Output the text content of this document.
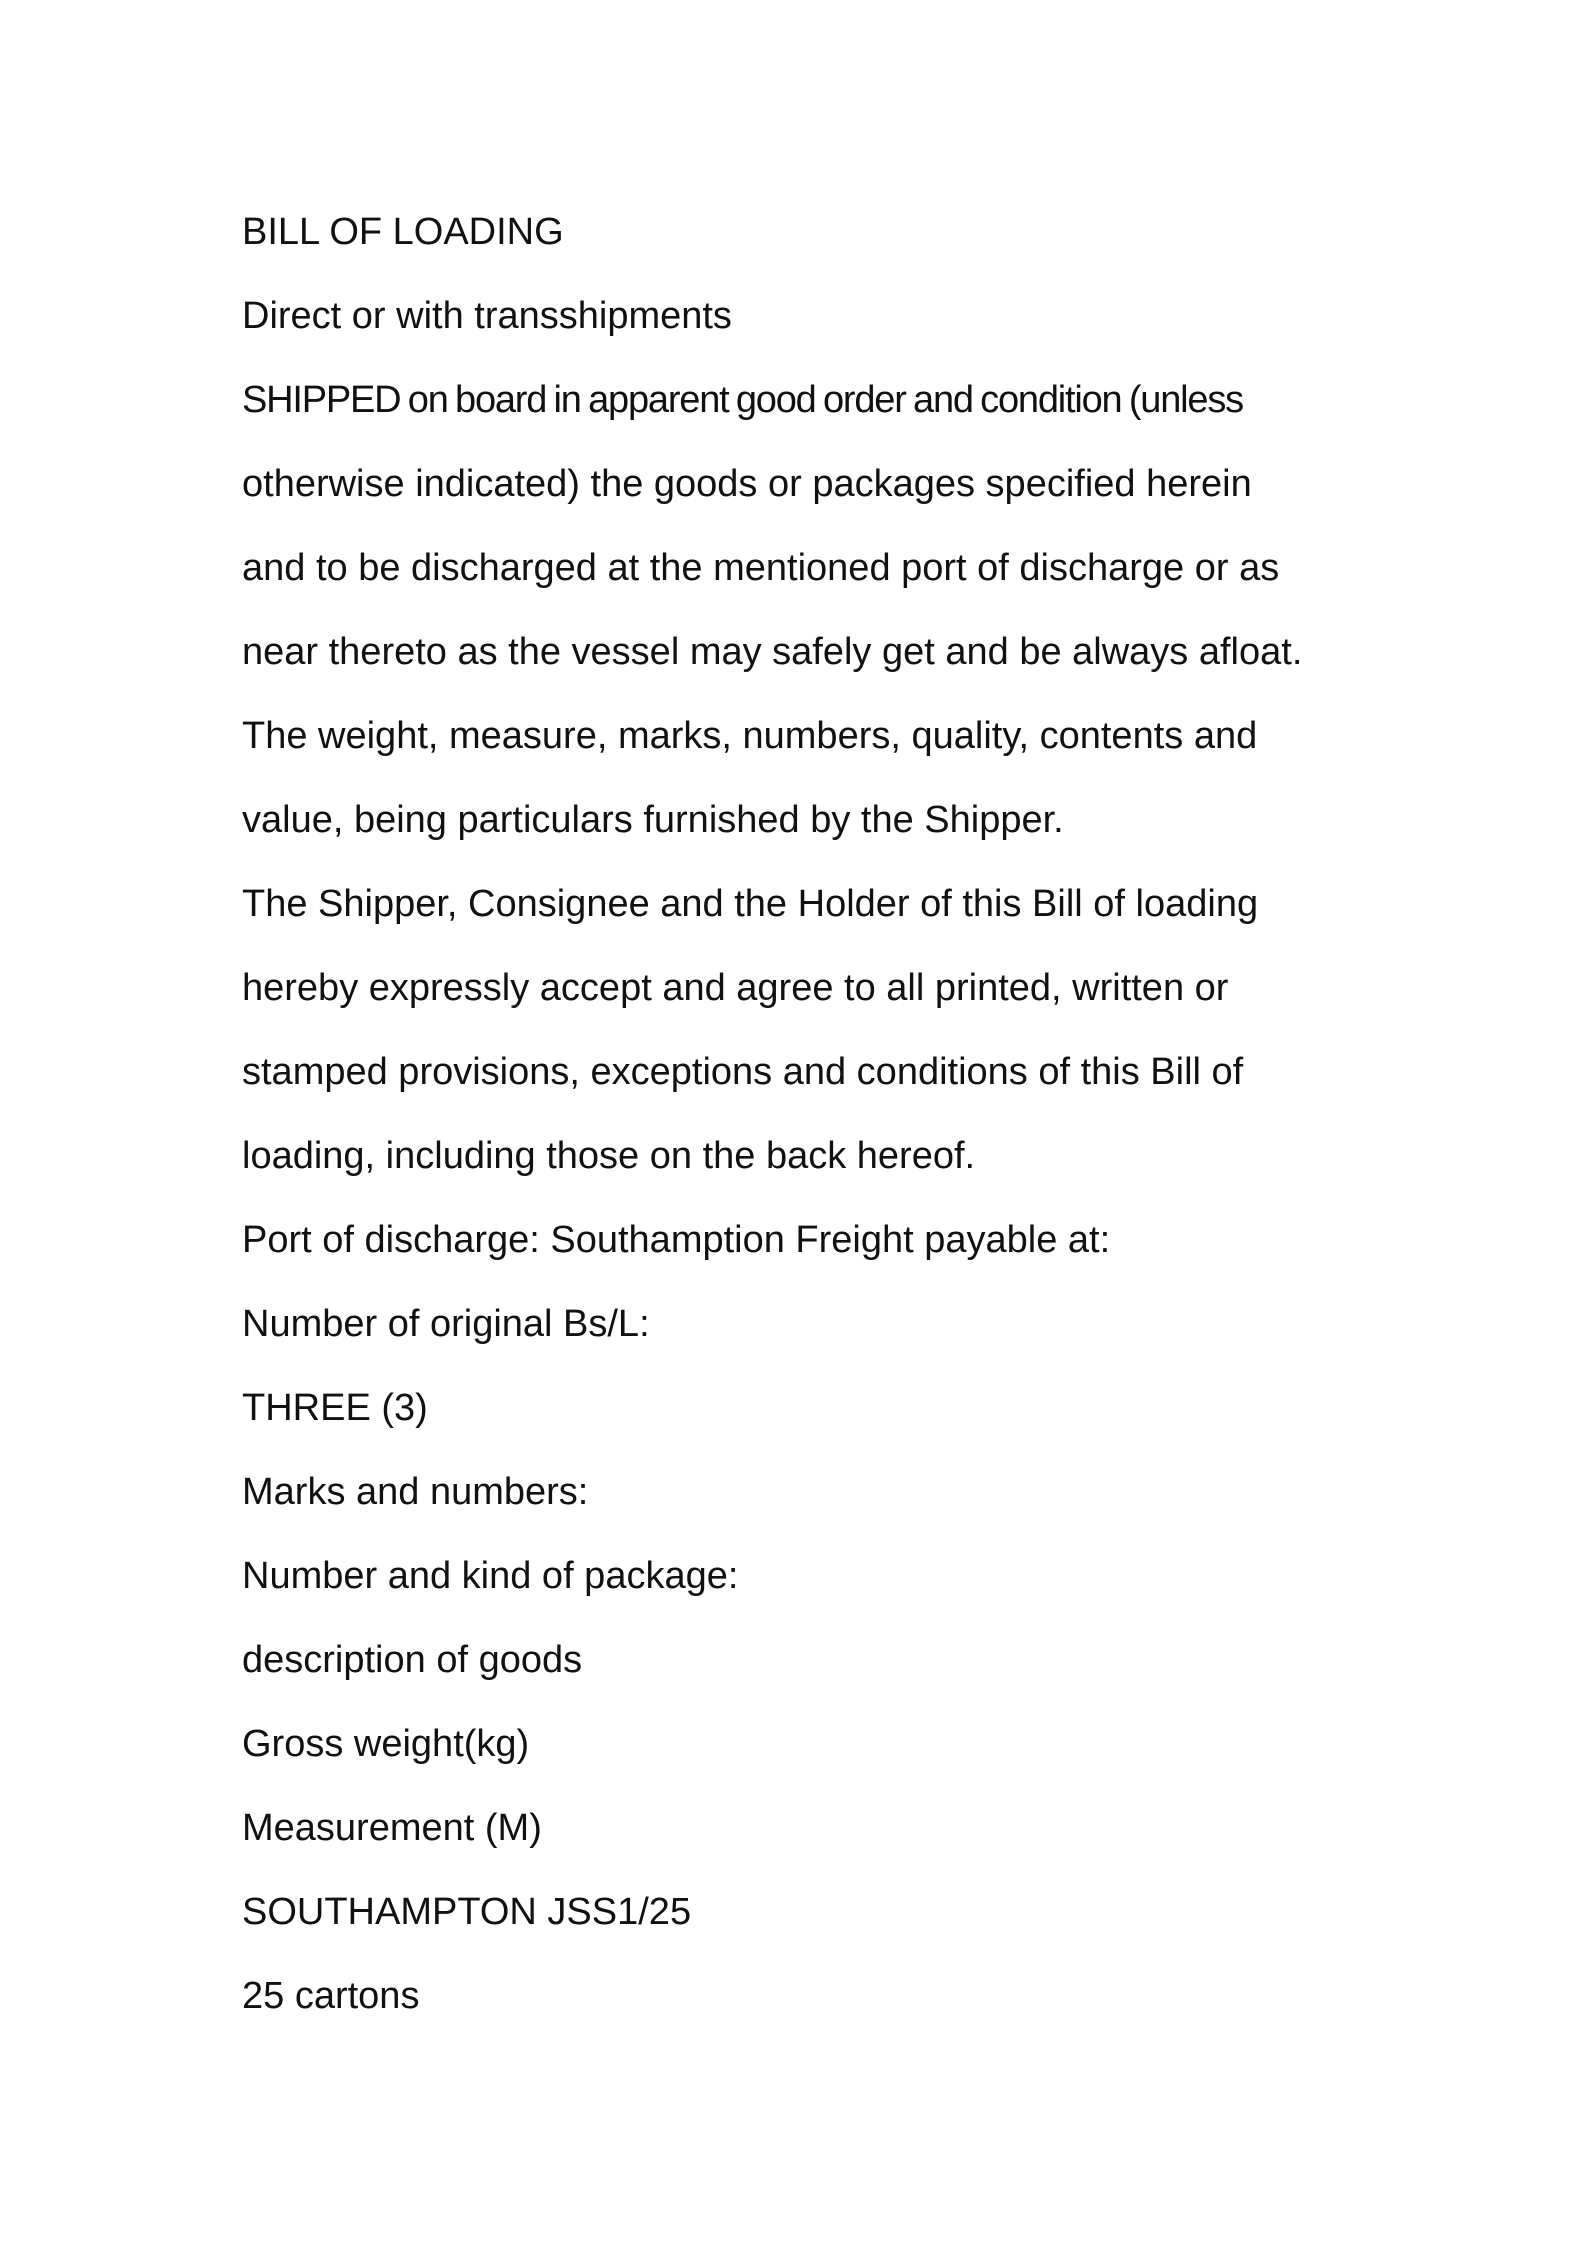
BILL OF LOADING
Direct or with transshipments
SHIPPED on board in apparent good order and condition (unless
otherwise indicated) the goods or packages specified herein
and to be discharged at the mentioned port of discharge or as
near thereto as the vessel may safely get and be always afloat.
The weight, measure, marks, numbers, quality, contents and
value, being particulars furnished by the Shipper.
The Shipper, Consignee and the Holder of this Bill of loading
hereby expressly accept and agree to all printed, written or
stamped provisions, exceptions and conditions of this Bill of
loading, including those on the back hereof.
Port of discharge: Southamption Freight payable at:
Number of original Bs/L:
THREE (3)
Marks and numbers:
Number and kind of package:
description of goods
Gross weight(kg)
Measurement (M)
SOUTHAMPTON JSS1/25
25 cartons
